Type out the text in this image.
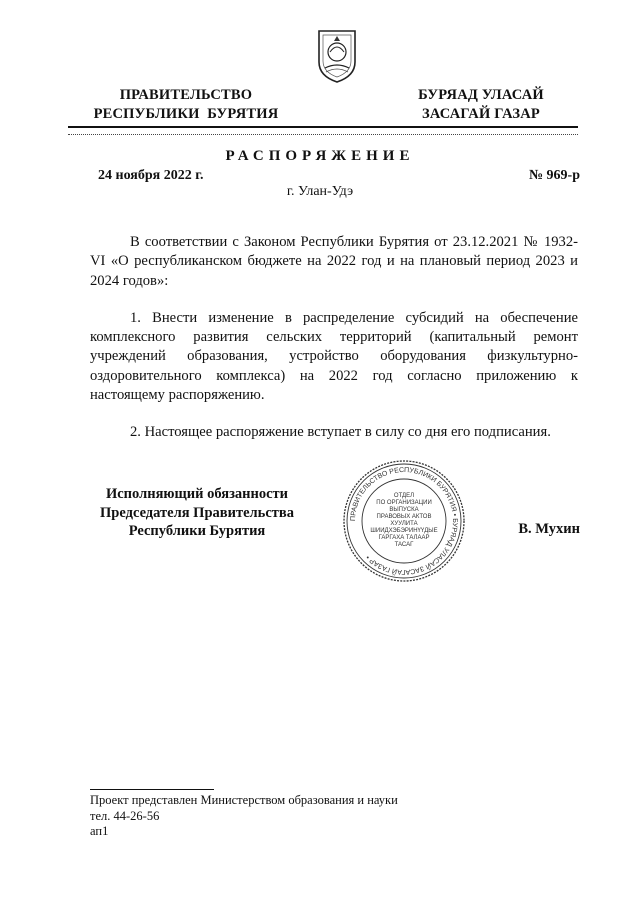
ПРАВИТЕЛЬСТВО
РЕСПУБЛИКИ  БУРЯТИЯ
БУРЯАД УЛАСАЙ
ЗАСАГАЙ ГАЗАР
РАСПОРЯЖЕНИЕ
24 ноября 2022 г.	№ 969-р
г. Улан-Удэ

В соответствии с Законом Республики Бурятия от 23.12.2021 № 1932-VI «О республиканском бюджете на 2022 год и на плановый период 2023 и 2024 годов»:

1. Внести изменение в распределение субсидий на обеспечение комплексного развития сельских территорий (капитальный ремонт учреждений образования, устройство оборудования физкультурно-оздоровительного комплекса) на 2022 год согласно приложению к настоящему распоряжению.

2. Настоящее распоряжение вступает в силу со дня его подписания.

Исполняющий обязанности
Председателя Правительства
Республики Бурятия
ПРАВИТЕЛЬСТВО РЕСПУБЛИКИ БУРЯТИЯ • БУРЯАД УЛАСАЙ ЗАСАГАЙ ГАЗАР •
ОТДЕЛ
ПО ОРГАНИЗАЦИИ
ВЫПУСКА
ПРАВОВЫХ АКТОВ
ХУУЛИТА
ШИИДХЭБЭРИНҮҮДЫЕ
ГАРГАХА ТАЛААР
ТАСАГ
В. Мухин
Проект представлен Министерством образования и науки
тел. 44-26-56
ап1
